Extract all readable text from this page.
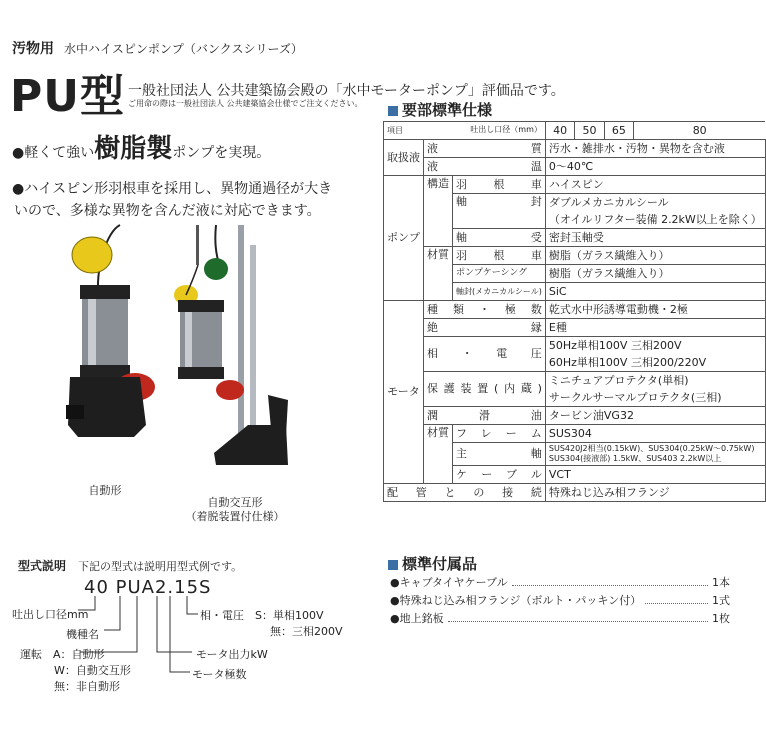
汚物用 水中ハイスピンポンプ（バンクスシリーズ）
PU型 一般社団法人 公共建築協会殿の「水中モーターポンプ」評価品です。
ご用命の際は一般社団法人 公共建築協会仕様でご注文ください。
●軽くて強い樹脂製ポンプを実現。
●ハイスピン形羽根車を採用し、異物通過径が大き
いので、多様な異物を含んだ液に対応できます。
自動形
自動交互形
（着脱装置付仕様）
要部標準仕様
項目 吐出し口径（mm）			40	50	65	80
取扱液	液　　質		汚水・雑排水・汚物・異物を含む液			
	液　　温		0〜40℃			
ポンプ	構造	羽根車	ハイスピン			
		軸　封	ダブルメカニカルシール			
			（オイルリフター装備 2.2kW以上を除く）			
		軸　受	密封玉軸受			
	材質	羽根車	樹脂（ガラス繊維入り）			
		ポンプケーシング	樹脂（ガラス繊維入り）			
		軸封(メカニカルシール)	SiC			
モータ	種類・極数		乾式水中形誘導電動機・2極			
	絶　　縁		E種			
	相・電圧		50Hz単相100V 三相200V			
			60Hz単相100V 三相200/220V			
	保護装置(内蔵)		ミニチュアプロテクタ(単相)			
			サークルサーマルプロテクタ(三相)			
	潤　滑　油		タービン油VG32			
	材質	フレーム	SUS304			
		主　軸	SUS420J2相当(0.15kW)、SUS304(0.25kW〜0.75kW)
SUS304(接液部) 1.5kW、SUS403 2.2kW以上			

		ケーブル	VCT			
配管との接続			特殊ねじ込み相フランジ			
標準付属品
●キャブタイヤケーブル	1本
●特殊ねじ込み相フランジ（ボルト・パッキン付）	1式
●地上銘板	1枚
型式説明　 下記の型式は説明用型式例です。
40 PUA2.15S
吐出し口径mm
機種名
運転　A：自動形
W：自動交互形
無：非自動形
モータ出力kW
モータ極数
相・電圧　S：単相100V
無：三相200V
